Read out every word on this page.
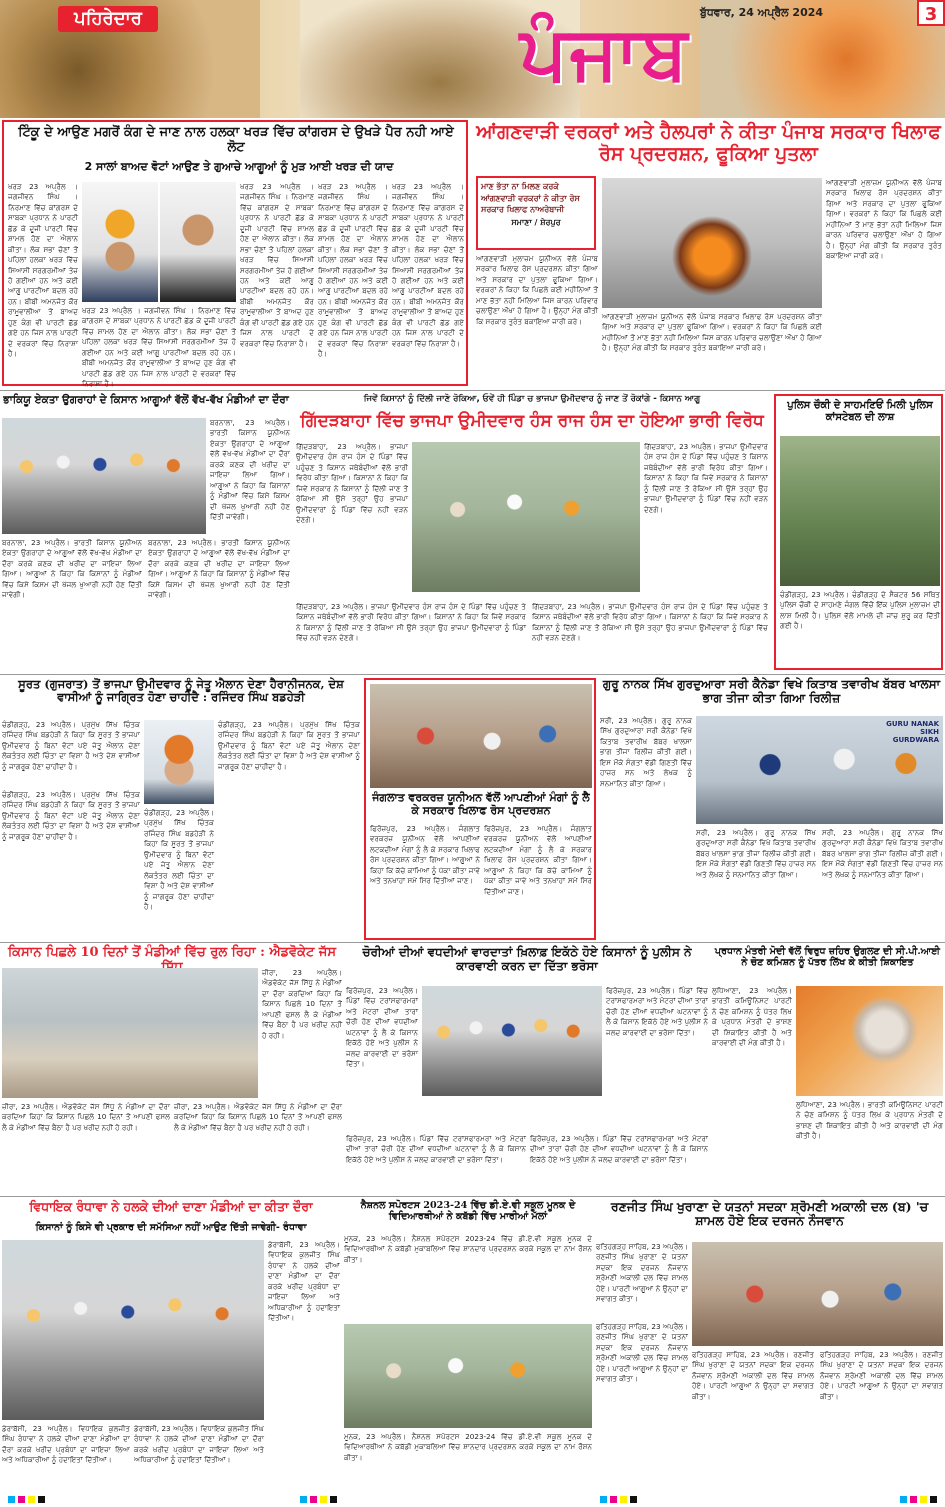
ਪਹਿਰੇਦਾਰ	ਪੰਜਾਬ ਬੁੱਧਵਾਰ, 24 ਅਪ੍ਰੈਲ 2024	3
ਟਿੰਕੂ ਦੇ ਆਉਣ ਮਗਰੋਂ ਕੰਗ ਦੇ ਜਾਣ ਨਾਲ ਹਲਕਾ ਖਰੜ ਵਿੱਚ ਕਾਂਗਰਸ ਦੇ ਉਖੜੇ ਪੈਰ ਨਹੀ ਆਏ ਲੋਟ
2 ਸਾਲਾਂ ਬਾਅਦ ਵੋਟਾਂ ਆਉਣ ਤੇ ਗੁਆਚੇ ਆਗੂਆਂ ਨੂੰ ਮੁੜ ਆਈ ਖਰੜ ਦੀ ਯਾਦ
ਖਰੜ 23 ਅਪ੍ਰੈਲ । ਜਗਜੀਵਨ ਸਿੰਘ । ਨਿਰਮਾਣ ਵਿੱਚ ਕਾਂਗਰਸ ਦੇ ਸਾਬਕਾ ਪ੍ਰਧਾਨ ਨੇ ਪਾਰਟੀ ਛੱਡ ਕੇ ਦੂਜੀ ਪਾਰਟੀ ਵਿੱਚ ਸ਼ਾਮਲ ਹੋਣ ਦਾ ਐਲਾਨ ਕੀਤਾ। ਲੋਕ ਸਭਾ ਚੋਣਾਂ ਤੋਂ ਪਹਿਲਾਂ ਹਲਕਾ ਖਰੜ ਵਿੱਚ ਸਿਆਸੀ ਸਰਗਰਮੀਆਂ ਤੇਜ਼ ਹੋ ਗਈਆਂ ਹਨ ਅਤੇ ਕਈ ਆਗੂ ਪਾਰਟੀਆਂ ਬਦਲ ਰਹੇ ਹਨ। ਬੀਬੀ ਅਮਨਜੋਤ ਕੌਰ ਰਾਮੂਵਾਲੀਆ ਤੋਂ ਬਾਅਦ ਹੁਣ ਕੰਗ ਵੀ ਪਾਰਟੀ ਛੱਡ ਗਏ ਹਨ ਜਿਸ ਨਾਲ ਪਾਰਟੀ ਦੇ ਵਰਕਰਾਂ ਵਿੱਚ ਨਿਰਾਸ਼ਾ ਹੈ।
ਖਰੜ 23 ਅਪ੍ਰੈਲ । ਜਗਜੀਵਨ ਸਿੰਘ । ਨਿਰਮਾਣ ਵਿੱਚ ਕਾਂਗਰਸ ਦੇ ਸਾਬਕਾ ਪ੍ਰਧਾਨ ਨੇ ਪਾਰਟੀ ਛੱਡ ਕੇ ਦੂਜੀ ਪਾਰਟੀ ਵਿੱਚ ਸ਼ਾਮਲ ਹੋਣ ਦਾ ਐਲਾਨ ਕੀਤਾ। ਲੋਕ ਸਭਾ ਚੋਣਾਂ ਤੋਂ ਪਹਿਲਾਂ ਹਲਕਾ ਖਰੜ ਵਿੱਚ ਸਿਆਸੀ ਸਰਗਰਮੀਆਂ ਤੇਜ਼ ਹੋ ਗਈਆਂ ਹਨ ਅਤੇ ਕਈ ਆਗੂ ਪਾਰਟੀਆਂ ਬਦਲ ਰਹੇ ਹਨ। ਬੀਬੀ ਅਮਨਜੋਤ ਕੌਰ ਰਾਮੂਵਾਲੀਆ ਤੋਂ ਬਾਅਦ ਹੁਣ ਕੰਗ ਵੀ ਪਾਰਟੀ ਛੱਡ ਗਏ ਹਨ ਜਿਸ ਨਾਲ ਪਾਰਟੀ ਦੇ ਵਰਕਰਾਂ ਵਿੱਚ ਨਿਰਾਸ਼ਾ ਹੈ।
ਖਰੜ 23 ਅਪ੍ਰੈਲ । ਜਗਜੀਵਨ ਸਿੰਘ । ਨਿਰਮਾਣ ਵਿੱਚ ਕਾਂਗਰਸ ਦੇ ਸਾਬਕਾ ਪ੍ਰਧਾਨ ਨੇ ਪਾਰਟੀ ਛੱਡ ਕੇ ਦੂਜੀ ਪਾਰਟੀ ਵਿੱਚ ਸ਼ਾਮਲ ਹੋਣ ਦਾ ਐਲਾਨ ਕੀਤਾ। ਲੋਕ ਸਭਾ ਚੋਣਾਂ ਤੋਂ ਪਹਿਲਾਂ ਹਲਕਾ ਖਰੜ ਵਿੱਚ ਸਿਆਸੀ ਸਰਗਰਮੀਆਂ ਤੇਜ਼ ਹੋ ਗਈਆਂ ਹਨ ਅਤੇ ਕਈ ਆਗੂ ਪਾਰਟੀਆਂ ਬਦਲ ਰਹੇ ਹਨ। ਬੀਬੀ ਅਮਨਜੋਤ ਕੌਰ ਰਾਮੂਵਾਲੀਆ ਤੋਂ ਬਾਅਦ ਹੁਣ ਕੰਗ ਵੀ ਪਾਰਟੀ ਛੱਡ ਗਏ ਹਨ ਜਿਸ ਨਾਲ ਪਾਰਟੀ ਦੇ ਵਰਕਰਾਂ ਵਿੱਚ ਨਿਰਾਸ਼ਾ ਹੈ।
ਖਰੜ 23 ਅਪ੍ਰੈਲ । ਜਗਜੀਵਨ ਸਿੰਘ । ਨਿਰਮਾਣ ਵਿੱਚ ਕਾਂਗਰਸ ਦੇ ਸਾਬਕਾ ਪ੍ਰਧਾਨ ਨੇ ਪਾਰਟੀ ਛੱਡ ਕੇ ਦੂਜੀ ਪਾਰਟੀ ਵਿੱਚ ਸ਼ਾਮਲ ਹੋਣ ਦਾ ਐਲਾਨ ਕੀਤਾ। ਲੋਕ ਸਭਾ ਚੋਣਾਂ ਤੋਂ ਪਹਿਲਾਂ ਹਲਕਾ ਖਰੜ ਵਿੱਚ ਸਿਆਸੀ ਸਰਗਰਮੀਆਂ ਤੇਜ਼ ਹੋ ਗਈਆਂ ਹਨ ਅਤੇ ਕਈ ਆਗੂ ਪਾਰਟੀਆਂ ਬਦਲ ਰਹੇ ਹਨ। ਬੀਬੀ ਅਮਨਜੋਤ ਕੌਰ ਰਾਮੂਵਾਲੀਆ ਤੋਂ ਬਾਅਦ ਹੁਣ ਕੰਗ ਵੀ ਪਾਰਟੀ ਛੱਡ ਗਏ ਹਨ ਜਿਸ ਨਾਲ ਪਾਰਟੀ ਦੇ ਵਰਕਰਾਂ ਵਿੱਚ ਨਿਰਾਸ਼ਾ ਹੈ।
ਖਰੜ 23 ਅਪ੍ਰੈਲ । ਜਗਜੀਵਨ ਸਿੰਘ । ਨਿਰਮਾਣ ਵਿੱਚ ਕਾਂਗਰਸ ਦੇ ਸਾਬਕਾ ਪ੍ਰਧਾਨ ਨੇ ਪਾਰਟੀ ਛੱਡ ਕੇ ਦੂਜੀ ਪਾਰਟੀ ਵਿੱਚ ਸ਼ਾਮਲ ਹੋਣ ਦਾ ਐਲਾਨ ਕੀਤਾ। ਲੋਕ ਸਭਾ ਚੋਣਾਂ ਤੋਂ ਪਹਿਲਾਂ ਹਲਕਾ ਖਰੜ ਵਿੱਚ ਸਿਆਸੀ ਸਰਗਰਮੀਆਂ ਤੇਜ਼ ਹੋ ਗਈਆਂ ਹਨ ਅਤੇ ਕਈ ਆਗੂ ਪਾਰਟੀਆਂ ਬਦਲ ਰਹੇ ਹਨ। ਬੀਬੀ ਅਮਨਜੋਤ ਕੌਰ ਰਾਮੂਵਾਲੀਆ ਤੋਂ ਬਾਅਦ ਹੁਣ ਕੰਗ ਵੀ ਪਾਰਟੀ ਛੱਡ ਗਏ ਹਨ ਜਿਸ ਨਾਲ ਪਾਰਟੀ ਦੇ ਵਰਕਰਾਂ ਵਿੱਚ ਨਿਰਾਸ਼ਾ ਹੈ।
ਆਂਗਣਵਾੜੀ ਵਰਕਰਾਂ ਅਤੇ ਹੈਲਪਰਾਂ ਨੇ ਕੀਤਾ ਪੰਜਾਬ ਸਰਕਾਰ ਖਿਲਾਫ ਰੋਸ ਪ੍ਰਦਰਸ਼ਨ, ਫੂਕਿਆ ਪੁਤਲਾ
ਮਾਣ ਭੱਤਾ ਨਾ ਮਿਲਣ ਕਰਕੇ
ਆਂਗਣਵਾੜੀ ਵਰਕਰਾਂ ਨੇ ਕੀਤਾ ਰੋਸ
ਸਰਕਾਰ ਖਿਲਾਫ ਨਾਅਰੇਬਾਜੀ
ਸਮਾਣਾ / ਸ਼ੇਰਪੁਰ
ਆਂਗਣਵਾੜੀ ਮੁਲਾਜ਼ਮ ਯੂਨੀਅਨ ਵੱਲੋਂ ਪੰਜਾਬ ਸਰਕਾਰ ਖਿਲਾਫ ਰੋਸ ਪ੍ਰਦਰਸ਼ਨ ਕੀਤਾ ਗਿਆ ਅਤੇ ਸਰਕਾਰ ਦਾ ਪੁਤਲਾ ਫੂਕਿਆ ਗਿਆ। ਵਰਕਰਾਂ ਨੇ ਕਿਹਾ ਕਿ ਪਿਛਲੇ ਕਈ ਮਹੀਨਿਆਂ ਤੋਂ ਮਾਣ ਭੱਤਾ ਨਹੀਂ ਮਿਲਿਆ ਜਿਸ ਕਾਰਨ ਪਰਿਵਾਰ ਚਲਾਉਣਾ ਔਖਾ ਹੋ ਗਿਆ ਹੈ। ਉਨ੍ਹਾਂ ਮੰਗ ਕੀਤੀ ਕਿ ਸਰਕਾਰ ਤੁਰੰਤ ਬਕਾਇਆ ਜਾਰੀ ਕਰੇ।
ਆਂਗਣਵਾੜੀ ਮੁਲਾਜ਼ਮ ਯੂਨੀਅਨ ਵੱਲੋਂ ਪੰਜਾਬ ਸਰਕਾਰ ਖਿਲਾਫ ਰੋਸ ਪ੍ਰਦਰਸ਼ਨ ਕੀਤਾ ਗਿਆ ਅਤੇ ਸਰਕਾਰ ਦਾ ਪੁਤਲਾ ਫੂਕਿਆ ਗਿਆ। ਵਰਕਰਾਂ ਨੇ ਕਿਹਾ ਕਿ ਪਿਛਲੇ ਕਈ ਮਹੀਨਿਆਂ ਤੋਂ ਮਾਣ ਭੱਤਾ ਨਹੀਂ ਮਿਲਿਆ ਜਿਸ ਕਾਰਨ ਪਰਿਵਾਰ ਚਲਾਉਣਾ ਔਖਾ ਹੋ ਗਿਆ ਹੈ। ਉਨ੍ਹਾਂ ਮੰਗ ਕੀਤੀ ਕਿ ਸਰਕਾਰ ਤੁਰੰਤ ਬਕਾਇਆ ਜਾਰੀ ਕਰੇ।
ਆਂਗਣਵਾੜੀ ਮੁਲਾਜ਼ਮ ਯੂਨੀਅਨ ਵੱਲੋਂ ਪੰਜਾਬ ਸਰਕਾਰ ਖਿਲਾਫ ਰੋਸ ਪ੍ਰਦਰਸ਼ਨ ਕੀਤਾ ਗਿਆ ਅਤੇ ਸਰਕਾਰ ਦਾ ਪੁਤਲਾ ਫੂਕਿਆ ਗਿਆ। ਵਰਕਰਾਂ ਨੇ ਕਿਹਾ ਕਿ ਪਿਛਲੇ ਕਈ ਮਹੀਨਿਆਂ ਤੋਂ ਮਾਣ ਭੱਤਾ ਨਹੀਂ ਮਿਲਿਆ ਜਿਸ ਕਾਰਨ ਪਰਿਵਾਰ ਚਲਾਉਣਾ ਔਖਾ ਹੋ ਗਿਆ ਹੈ। ਉਨ੍ਹਾਂ ਮੰਗ ਕੀਤੀ ਕਿ ਸਰਕਾਰ ਤੁਰੰਤ ਬਕਾਇਆ ਜਾਰੀ ਕਰੇ।
ਭਾਕਿਯੂ ਏਕਤਾ ਉਗਰਾਹਾਂ ਦੇ ਕਿਸਾਨ ਆਗੂਆਂ ਵੱਲੋਂ ਵੱਖ-ਵੱਖ ਮੰਡੀਆਂ ਦਾ ਦੌਰਾ
ਬਰਨਾਲਾ, 23 ਅਪ੍ਰੈਲ। ਭਾਰਤੀ ਕਿਸਾਨ ਯੂਨੀਅਨ ਏਕਤਾ ਉਗਰਾਹਾਂ ਦੇ ਆਗੂਆਂ ਵੱਲੋਂ ਵੱਖ-ਵੱਖ ਮੰਡੀਆਂ ਦਾ ਦੌਰਾ ਕਰਕੇ ਕਣਕ ਦੀ ਖਰੀਦ ਦਾ ਜਾਇਜ਼ਾ ਲਿਆ ਗਿਆ। ਆਗੂਆਂ ਨੇ ਕਿਹਾ ਕਿ ਕਿਸਾਨਾਂ ਨੂੰ ਮੰਡੀਆਂ ਵਿੱਚ ਕਿਸੇ ਕਿਸਮ ਦੀ ਖੱਜਲ ਖੁਆਰੀ ਨਹੀਂ ਹੋਣ ਦਿੱਤੀ ਜਾਵੇਗੀ।
ਬਰਨਾਲਾ, 23 ਅਪ੍ਰੈਲ। ਭਾਰਤੀ ਕਿਸਾਨ ਯੂਨੀਅਨ ਏਕਤਾ ਉਗਰਾਹਾਂ ਦੇ ਆਗੂਆਂ ਵੱਲੋਂ ਵੱਖ-ਵੱਖ ਮੰਡੀਆਂ ਦਾ ਦੌਰਾ ਕਰਕੇ ਕਣਕ ਦੀ ਖਰੀਦ ਦਾ ਜਾਇਜ਼ਾ ਲਿਆ ਗਿਆ। ਆਗੂਆਂ ਨੇ ਕਿਹਾ ਕਿ ਕਿਸਾਨਾਂ ਨੂੰ ਮੰਡੀਆਂ ਵਿੱਚ ਕਿਸੇ ਕਿਸਮ ਦੀ ਖੱਜਲ ਖੁਆਰੀ ਨਹੀਂ ਹੋਣ ਦਿੱਤੀ ਜਾਵੇਗੀ।
ਬਰਨਾਲਾ, 23 ਅਪ੍ਰੈਲ। ਭਾਰਤੀ ਕਿਸਾਨ ਯੂਨੀਅਨ ਏਕਤਾ ਉਗਰਾਹਾਂ ਦੇ ਆਗੂਆਂ ਵੱਲੋਂ ਵੱਖ-ਵੱਖ ਮੰਡੀਆਂ ਦਾ ਦੌਰਾ ਕਰਕੇ ਕਣਕ ਦੀ ਖਰੀਦ ਦਾ ਜਾਇਜ਼ਾ ਲਿਆ ਗਿਆ। ਆਗੂਆਂ ਨੇ ਕਿਹਾ ਕਿ ਕਿਸਾਨਾਂ ਨੂੰ ਮੰਡੀਆਂ ਵਿੱਚ ਕਿਸੇ ਕਿਸਮ ਦੀ ਖੱਜਲ ਖੁਆਰੀ ਨਹੀਂ ਹੋਣ ਦਿੱਤੀ ਜਾਵੇਗੀ।
ਜਿਵੇਂ ਕਿਸਾਨਾਂ ਨੂੰ ਦਿੱਲੀ ਜਾਣੋ ਰੋਕਿਆ, ਓਵੇਂ ਹੀ ਪਿੰਡਾ ਚ ਭਾਜਪਾ ਉਮੀਦਵਾਰ ਨੂੰ ਜਾਣ ਤੋਂ ਰੋਕਾਂਗੇ - ਕਿਸਾਨ ਆਗੂ
ਗਿੱਦੜਬਾਹਾ ਵਿੱਚ ਭਾਜਪਾ ਉਮੀਦਵਾਰ ਹੰਸ ਰਾਜ ਹੰਸ ਦਾ ਹੋਇਆ ਭਾਰੀ ਵਿਰੋਧ
ਗਿੱਦੜਬਾਹਾ, 23 ਅਪ੍ਰੈਲ। ਭਾਜਪਾ ਉਮੀਦਵਾਰ ਹੰਸ ਰਾਜ ਹੰਸ ਦੇ ਪਿੰਡਾਂ ਵਿੱਚ ਪਹੁੰਚਣ ਤੇ ਕਿਸਾਨ ਜਥੇਬੰਦੀਆਂ ਵੱਲੋਂ ਭਾਰੀ ਵਿਰੋਧ ਕੀਤਾ ਗਿਆ। ਕਿਸਾਨਾਂ ਨੇ ਕਿਹਾ ਕਿ ਜਿਵੇਂ ਸਰਕਾਰ ਨੇ ਕਿਸਾਨਾਂ ਨੂੰ ਦਿੱਲੀ ਜਾਣ ਤੋਂ ਰੋਕਿਆ ਸੀ ਉਸੇ ਤਰ੍ਹਾਂ ਉਹ ਭਾਜਪਾ ਉਮੀਦਵਾਰਾਂ ਨੂੰ ਪਿੰਡਾਂ ਵਿੱਚ ਨਹੀਂ ਵੜਨ ਦੇਣਗੇ।
ਗਿੱਦੜਬਾਹਾ, 23 ਅਪ੍ਰੈਲ। ਭਾਜਪਾ ਉਮੀਦਵਾਰ ਹੰਸ ਰਾਜ ਹੰਸ ਦੇ ਪਿੰਡਾਂ ਵਿੱਚ ਪਹੁੰਚਣ ਤੇ ਕਿਸਾਨ ਜਥੇਬੰਦੀਆਂ ਵੱਲੋਂ ਭਾਰੀ ਵਿਰੋਧ ਕੀਤਾ ਗਿਆ। ਕਿਸਾਨਾਂ ਨੇ ਕਿਹਾ ਕਿ ਜਿਵੇਂ ਸਰਕਾਰ ਨੇ ਕਿਸਾਨਾਂ ਨੂੰ ਦਿੱਲੀ ਜਾਣ ਤੋਂ ਰੋਕਿਆ ਸੀ ਉਸੇ ਤਰ੍ਹਾਂ ਉਹ ਭਾਜਪਾ ਉਮੀਦਵਾਰਾਂ ਨੂੰ ਪਿੰਡਾਂ ਵਿੱਚ ਨਹੀਂ ਵੜਨ ਦੇਣਗੇ।
ਗਿੱਦੜਬਾਹਾ, 23 ਅਪ੍ਰੈਲ। ਭਾਜਪਾ ਉਮੀਦਵਾਰ ਹੰਸ ਰਾਜ ਹੰਸ ਦੇ ਪਿੰਡਾਂ ਵਿੱਚ ਪਹੁੰਚਣ ਤੇ ਕਿਸਾਨ ਜਥੇਬੰਦੀਆਂ ਵੱਲੋਂ ਭਾਰੀ ਵਿਰੋਧ ਕੀਤਾ ਗਿਆ। ਕਿਸਾਨਾਂ ਨੇ ਕਿਹਾ ਕਿ ਜਿਵੇਂ ਸਰਕਾਰ ਨੇ ਕਿਸਾਨਾਂ ਨੂੰ ਦਿੱਲੀ ਜਾਣ ਤੋਂ ਰੋਕਿਆ ਸੀ ਉਸੇ ਤਰ੍ਹਾਂ ਉਹ ਭਾਜਪਾ ਉਮੀਦਵਾਰਾਂ ਨੂੰ ਪਿੰਡਾਂ ਵਿੱਚ ਨਹੀਂ ਵੜਨ ਦੇਣਗੇ।
ਗਿੱਦੜਬਾਹਾ, 23 ਅਪ੍ਰੈਲ। ਭਾਜਪਾ ਉਮੀਦਵਾਰ ਹੰਸ ਰਾਜ ਹੰਸ ਦੇ ਪਿੰਡਾਂ ਵਿੱਚ ਪਹੁੰਚਣ ਤੇ ਕਿਸਾਨ ਜਥੇਬੰਦੀਆਂ ਵੱਲੋਂ ਭਾਰੀ ਵਿਰੋਧ ਕੀਤਾ ਗਿਆ। ਕਿਸਾਨਾਂ ਨੇ ਕਿਹਾ ਕਿ ਜਿਵੇਂ ਸਰਕਾਰ ਨੇ ਕਿਸਾਨਾਂ ਨੂੰ ਦਿੱਲੀ ਜਾਣ ਤੋਂ ਰੋਕਿਆ ਸੀ ਉਸੇ ਤਰ੍ਹਾਂ ਉਹ ਭਾਜਪਾ ਉਮੀਦਵਾਰਾਂ ਨੂੰ ਪਿੰਡਾਂ ਵਿੱਚ ਨਹੀਂ ਵੜਨ ਦੇਣਗੇ।
ਪੁਲਿਸ ਚੌਕੀ ਦੇ ਸਾਹਮਣਿਓਂ ਮਿਲੀ ਪੁਲਿਸ ਕਾਂਸਟੇਬਲ ਦੀ ਲਾਸ਼
ਚੰਡੀਗੜ੍ਹ, 23 ਅਪ੍ਰੈਲ। ਚੰਡੀਗੜ੍ਹ ਦੇ ਸੈਕਟਰ 56 ਸਥਿਤ ਪੁਲਿਸ ਚੌਕੀ ਦੇ ਸਾਹਮਣੇ ਜੰਗਲ ਵਿੱਚੋਂ ਇੱਕ ਪੁਲਿਸ ਮੁਲਾਜ਼ਮ ਦੀ ਲਾਸ਼ ਮਿਲੀ ਹੈ। ਪੁਲਿਸ ਵੱਲੋਂ ਮਾਮਲੇ ਦੀ ਜਾਂਚ ਸ਼ੁਰੂ ਕਰ ਦਿੱਤੀ ਗਈ ਹੈ।
ਸੂਰਤ (ਗੁਜਰਾਤ) ਤੋਂ ਭਾਜਪਾ ਉਮੀਦਵਾਰ ਨੂੰ ਜੇਤੂ ਐਲਾਨ ਦੇਣਾ ਹੈਰਾਨੀਜਨਕ, ਦੇਸ਼ ਵਾਸੀਆਂ ਨੂੰ ਜਾਗ੍ਰਿਤ ਹੋਣਾ ਚਾਹੀਦੈ : ਰਜਿੰਦਰ ਸਿੰਘ ਬਡਹੇੜੀ
ਚੰਡੀਗੜ੍ਹ, 23 ਅਪ੍ਰੈਲ। ਪ੍ਰਮੁੱਖ ਸਿੱਖ ਚਿੰਤਕ ਰਜਿੰਦਰ ਸਿੰਘ ਬਡਹੇੜੀ ਨੇ ਕਿਹਾ ਕਿ ਸੂਰਤ ਤੋਂ ਭਾਜਪਾ ਉਮੀਦਵਾਰ ਨੂੰ ਬਿਨਾਂ ਵੋਟਾਂ ਪਏ ਜੇਤੂ ਐਲਾਨ ਦੇਣਾ ਲੋਕਤੰਤਰ ਲਈ ਚਿੰਤਾ ਦਾ ਵਿਸ਼ਾ ਹੈ ਅਤੇ ਦੇਸ਼ ਵਾਸੀਆਂ ਨੂੰ ਜਾਗਰੂਕ ਹੋਣਾ ਚਾਹੀਦਾ ਹੈ।
ਚੰਡੀਗੜ੍ਹ, 23 ਅਪ੍ਰੈਲ। ਪ੍ਰਮੁੱਖ ਸਿੱਖ ਚਿੰਤਕ ਰਜਿੰਦਰ ਸਿੰਘ ਬਡਹੇੜੀ ਨੇ ਕਿਹਾ ਕਿ ਸੂਰਤ ਤੋਂ ਭਾਜਪਾ ਉਮੀਦਵਾਰ ਨੂੰ ਬਿਨਾਂ ਵੋਟਾਂ ਪਏ ਜੇਤੂ ਐਲਾਨ ਦੇਣਾ ਲੋਕਤੰਤਰ ਲਈ ਚਿੰਤਾ ਦਾ ਵਿਸ਼ਾ ਹੈ ਅਤੇ ਦੇਸ਼ ਵਾਸੀਆਂ ਨੂੰ ਜਾਗਰੂਕ ਹੋਣਾ ਚਾਹੀਦਾ ਹੈ।
ਚੰਡੀਗੜ੍ਹ, 23 ਅਪ੍ਰੈਲ। ਪ੍ਰਮੁੱਖ ਸਿੱਖ ਚਿੰਤਕ ਰਜਿੰਦਰ ਸਿੰਘ ਬਡਹੇੜੀ ਨੇ ਕਿਹਾ ਕਿ ਸੂਰਤ ਤੋਂ ਭਾਜਪਾ ਉਮੀਦਵਾਰ ਨੂੰ ਬਿਨਾਂ ਵੋਟਾਂ ਪਏ ਜੇਤੂ ਐਲਾਨ ਦੇਣਾ ਲੋਕਤੰਤਰ ਲਈ ਚਿੰਤਾ ਦਾ ਵਿਸ਼ਾ ਹੈ ਅਤੇ ਦੇਸ਼ ਵਾਸੀਆਂ ਨੂੰ ਜਾਗਰੂਕ ਹੋਣਾ ਚਾਹੀਦਾ ਹੈ।
ਚੰਡੀਗੜ੍ਹ, 23 ਅਪ੍ਰੈਲ। ਪ੍ਰਮੁੱਖ ਸਿੱਖ ਚਿੰਤਕ ਰਜਿੰਦਰ ਸਿੰਘ ਬਡਹੇੜੀ ਨੇ ਕਿਹਾ ਕਿ ਸੂਰਤ ਤੋਂ ਭਾਜਪਾ ਉਮੀਦਵਾਰ ਨੂੰ ਬਿਨਾਂ ਵੋਟਾਂ ਪਏ ਜੇਤੂ ਐਲਾਨ ਦੇਣਾ ਲੋਕਤੰਤਰ ਲਈ ਚਿੰਤਾ ਦਾ ਵਿਸ਼ਾ ਹੈ ਅਤੇ ਦੇਸ਼ ਵਾਸੀਆਂ ਨੂੰ ਜਾਗਰੂਕ ਹੋਣਾ ਚਾਹੀਦਾ ਹੈ।
ਜੰਗਲਾਤ ਵਰਕਰਜ਼ ਯੂਨੀਅਨ ਵੱਲੋਂ ਆਪਣੀਆਂ ਮੰਗਾਂ ਨੂੰ ਲੈ ਕੇ ਸਰਕਾਰ ਖਿਲਾਫ ਰੋਸ ਪ੍ਰਦਰਸ਼ਨ
ਫਿਰੋਜ਼ਪੁਰ, 23 ਅਪ੍ਰੈਲ। ਜੰਗਲਾਤ ਵਰਕਰਜ਼ ਯੂਨੀਅਨ ਵੱਲੋਂ ਆਪਣੀਆਂ ਲਟਕਦੀਆਂ ਮੰਗਾਂ ਨੂੰ ਲੈ ਕੇ ਸਰਕਾਰ ਖਿਲਾਫ ਰੋਸ ਪ੍ਰਦਰਸ਼ਨ ਕੀਤਾ ਗਿਆ। ਆਗੂਆਂ ਨੇ ਕਿਹਾ ਕਿ ਕੱਚੇ ਕਾਮਿਆਂ ਨੂੰ ਪੱਕਾ ਕੀਤਾ ਜਾਵੇ ਅਤੇ ਤਨਖਾਹਾਂ ਸਮੇਂ ਸਿਰ ਦਿੱਤੀਆਂ ਜਾਣ।
ਫਿਰੋਜ਼ਪੁਰ, 23 ਅਪ੍ਰੈਲ। ਜੰਗਲਾਤ ਵਰਕਰਜ਼ ਯੂਨੀਅਨ ਵੱਲੋਂ ਆਪਣੀਆਂ ਲਟਕਦੀਆਂ ਮੰਗਾਂ ਨੂੰ ਲੈ ਕੇ ਸਰਕਾਰ ਖਿਲਾਫ ਰੋਸ ਪ੍ਰਦਰਸ਼ਨ ਕੀਤਾ ਗਿਆ। ਆਗੂਆਂ ਨੇ ਕਿਹਾ ਕਿ ਕੱਚੇ ਕਾਮਿਆਂ ਨੂੰ ਪੱਕਾ ਕੀਤਾ ਜਾਵੇ ਅਤੇ ਤਨਖਾਹਾਂ ਸਮੇਂ ਸਿਰ ਦਿੱਤੀਆਂ ਜਾਣ।
ਗੁਰੂ ਨਾਨਕ ਸਿੱਖ ਗੁਰਦੁਆਰਾ ਸਰੀ ਕੈਨੇਡਾ ਵਿਖੇ ਕਿਤਾਬ ਤਵਾਰੀਖ ਬੱਬਰ ਖਾਲਸਾ ਭਾਗ ਤੀਜਾ ਕੀਤਾ ਗਿਆ ਰਿਲੀਜ਼
ਸਰੀ, 23 ਅਪ੍ਰੈਲ। ਗੁਰੂ ਨਾਨਕ ਸਿੱਖ ਗੁਰਦੁਆਰਾ ਸਰੀ ਕੈਨੇਡਾ ਵਿਖੇ ਕਿਤਾਬ ਤਵਾਰੀਖ ਬੱਬਰ ਖਾਲਸਾ ਭਾਗ ਤੀਜਾ ਰਿਲੀਜ਼ ਕੀਤੀ ਗਈ। ਇਸ ਮੌਕੇ ਸੰਗਤਾਂ ਵੱਡੀ ਗਿਣਤੀ ਵਿੱਚ ਹਾਜ਼ਰ ਸਨ ਅਤੇ ਲੇਖਕ ਨੂੰ ਸਨਮਾਨਿਤ ਕੀਤਾ ਗਿਆ।
GURU NANAK SIKH GURDWARA
ਸਰੀ, 23 ਅਪ੍ਰੈਲ। ਗੁਰੂ ਨਾਨਕ ਸਿੱਖ ਗੁਰਦੁਆਰਾ ਸਰੀ ਕੈਨੇਡਾ ਵਿਖੇ ਕਿਤਾਬ ਤਵਾਰੀਖ ਬੱਬਰ ਖਾਲਸਾ ਭਾਗ ਤੀਜਾ ਰਿਲੀਜ਼ ਕੀਤੀ ਗਈ। ਇਸ ਮੌਕੇ ਸੰਗਤਾਂ ਵੱਡੀ ਗਿਣਤੀ ਵਿੱਚ ਹਾਜ਼ਰ ਸਨ ਅਤੇ ਲੇਖਕ ਨੂੰ ਸਨਮਾਨਿਤ ਕੀਤਾ ਗਿਆ।
ਸਰੀ, 23 ਅਪ੍ਰੈਲ। ਗੁਰੂ ਨਾਨਕ ਸਿੱਖ ਗੁਰਦੁਆਰਾ ਸਰੀ ਕੈਨੇਡਾ ਵਿਖੇ ਕਿਤਾਬ ਤਵਾਰੀਖ ਬੱਬਰ ਖਾਲਸਾ ਭਾਗ ਤੀਜਾ ਰਿਲੀਜ਼ ਕੀਤੀ ਗਈ। ਇਸ ਮੌਕੇ ਸੰਗਤਾਂ ਵੱਡੀ ਗਿਣਤੀ ਵਿੱਚ ਹਾਜ਼ਰ ਸਨ ਅਤੇ ਲੇਖਕ ਨੂੰ ਸਨਮਾਨਿਤ ਕੀਤਾ ਗਿਆ।
ਕਿਸਾਨ ਪਿਛਲੇ 10 ਦਿਨਾਂ ਤੋਂ ਮੰਡੀਆਂ ਵਿੱਚ ਰੁਲ ਰਿਹਾ : ਐਡਵੋਕੇਟ ਜੱਸ
ਜ਼ੀਰਾ, 23 ਅਪ੍ਰੈਲ। ਐਡਵੋਕੇਟ ਜੱਸ ਸਿੱਧੂ ਨੇ ਮੰਡੀਆਂ ਦਾ ਦੌਰਾ ਕਰਦਿਆਂ ਕਿਹਾ ਕਿ ਕਿਸਾਨ ਪਿਛਲੇ 10 ਦਿਨਾਂ ਤੋਂ ਆਪਣੀ ਫਸਲ ਲੈ ਕੇ ਮੰਡੀਆਂ ਵਿੱਚ ਬੈਠਾ ਹੈ ਪਰ ਖਰੀਦ ਨਹੀਂ ਹੋ ਰਹੀ।
ਜ਼ੀਰਾ, 23 ਅਪ੍ਰੈਲ। ਐਡਵੋਕੇਟ ਜੱਸ ਸਿੱਧੂ ਨੇ ਮੰਡੀਆਂ ਦਾ ਦੌਰਾ ਕਰਦਿਆਂ ਕਿਹਾ ਕਿ ਕਿਸਾਨ ਪਿਛਲੇ 10 ਦਿਨਾਂ ਤੋਂ ਆਪਣੀ ਫਸਲ ਲੈ ਕੇ ਮੰਡੀਆਂ ਵਿੱਚ ਬੈਠਾ ਹੈ ਪਰ ਖਰੀਦ ਨਹੀਂ ਹੋ ਰਹੀ।
ਜ਼ੀਰਾ, 23 ਅਪ੍ਰੈਲ। ਐਡਵੋਕੇਟ ਜੱਸ ਸਿੱਧੂ ਨੇ ਮੰਡੀਆਂ ਦਾ ਦੌਰਾ ਕਰਦਿਆਂ ਕਿਹਾ ਕਿ ਕਿਸਾਨ ਪਿਛਲੇ 10 ਦਿਨਾਂ ਤੋਂ ਆਪਣੀ ਫਸਲ ਲੈ ਕੇ ਮੰਡੀਆਂ ਵਿੱਚ ਬੈਠਾ ਹੈ ਪਰ ਖਰੀਦ ਨਹੀਂ ਹੋ ਰਹੀ।
ਚੋਰੀਆਂ ਦੀਆਂ ਵਧਦੀਆਂ ਵਾਰਦਾਤਾਂ ਖ਼ਿਲਾਫ਼ ਇਕੱਠੇ ਹੋਏ ਕਿਸਾਨਾਂ ਨੂੰ ਪੁਲੀਸ ਨੇ ਕਾਰਵਾਈ ਕਰਨ ਦਾ ਦਿੱਤਾ ਭਰੋਸਾ
ਫਿਰੋਜ਼ਪੁਰ, 23 ਅਪ੍ਰੈਲ। ਪਿੰਡਾਂ ਵਿੱਚ ਟਰਾਂਸਫਾਰਮਰਾਂ ਅਤੇ ਮੋਟਰਾਂ ਦੀਆਂ ਤਾਰਾਂ ਚੋਰੀ ਹੋਣ ਦੀਆਂ ਵਧਦੀਆਂ ਘਟਨਾਵਾਂ ਨੂੰ ਲੈ ਕੇ ਕਿਸਾਨ ਇਕੱਠੇ ਹੋਏ ਅਤੇ ਪੁਲੀਸ ਨੇ ਜਲਦ ਕਾਰਵਾਈ ਦਾ ਭਰੋਸਾ ਦਿੱਤਾ।
ਫਿਰੋਜ਼ਪੁਰ, 23 ਅਪ੍ਰੈਲ। ਪਿੰਡਾਂ ਵਿੱਚ ਟਰਾਂਸਫਾਰਮਰਾਂ ਅਤੇ ਮੋਟਰਾਂ ਦੀਆਂ ਤਾਰਾਂ ਚੋਰੀ ਹੋਣ ਦੀਆਂ ਵਧਦੀਆਂ ਘਟਨਾਵਾਂ ਨੂੰ ਲੈ ਕੇ ਕਿਸਾਨ ਇਕੱਠੇ ਹੋਏ ਅਤੇ ਪੁਲੀਸ ਨੇ ਜਲਦ ਕਾਰਵਾਈ ਦਾ ਭਰੋਸਾ ਦਿੱਤਾ।
ਫਿਰੋਜ਼ਪੁਰ, 23 ਅਪ੍ਰੈਲ। ਪਿੰਡਾਂ ਵਿੱਚ ਟਰਾਂਸਫਾਰਮਰਾਂ ਅਤੇ ਮੋਟਰਾਂ ਦੀਆਂ ਤਾਰਾਂ ਚੋਰੀ ਹੋਣ ਦੀਆਂ ਵਧਦੀਆਂ ਘਟਨਾਵਾਂ ਨੂੰ ਲੈ ਕੇ ਕਿਸਾਨ ਇਕੱਠੇ ਹੋਏ ਅਤੇ ਪੁਲੀਸ ਨੇ ਜਲਦ ਕਾਰਵਾਈ ਦਾ ਭਰੋਸਾ ਦਿੱਤਾ।
ਫਿਰੋਜ਼ਪੁਰ, 23 ਅਪ੍ਰੈਲ। ਪਿੰਡਾਂ ਵਿੱਚ ਟਰਾਂਸਫਾਰਮਰਾਂ ਅਤੇ ਮੋਟਰਾਂ ਦੀਆਂ ਤਾਰਾਂ ਚੋਰੀ ਹੋਣ ਦੀਆਂ ਵਧਦੀਆਂ ਘਟਨਾਵਾਂ ਨੂੰ ਲੈ ਕੇ ਕਿਸਾਨ ਇਕੱਠੇ ਹੋਏ ਅਤੇ ਪੁਲੀਸ ਨੇ ਜਲਦ ਕਾਰਵਾਈ ਦਾ ਭਰੋਸਾ ਦਿੱਤਾ।
ਪ੍ਰਧਾਨ ਮੰਤਰੀ ਮੋਦੀ ਵੱਲੋਂ ਵਿਰੁਧ ਜ਼ਹਿਰ ਉਗਲਣ ਦੀ ਸੀ.ਪੀ.ਆਈ ਨੇ ਚੋਣ ਕਮਿਸ਼ਨ ਨੂੰ ਪੱਤਰ ਲਿੱਖ ਕੇ ਕੀਤੀ ਸ਼ਿਕਾਇਤ
ਲੁਧਿਆਣਾ, 23 ਅਪ੍ਰੈਲ। ਭਾਰਤੀ ਕਮਿਊਨਿਸਟ ਪਾਰਟੀ ਨੇ ਚੋਣ ਕਮਿਸ਼ਨ ਨੂੰ ਪੱਤਰ ਲਿਖ ਕੇ ਪ੍ਰਧਾਨ ਮੰਤਰੀ ਦੇ ਭਾਸ਼ਣ ਦੀ ਸ਼ਿਕਾਇਤ ਕੀਤੀ ਹੈ ਅਤੇ ਕਾਰਵਾਈ ਦੀ ਮੰਗ ਕੀਤੀ ਹੈ।
ਲੁਧਿਆਣਾ, 23 ਅਪ੍ਰੈਲ। ਭਾਰਤੀ ਕਮਿਊਨਿਸਟ ਪਾਰਟੀ ਨੇ ਚੋਣ ਕਮਿਸ਼ਨ ਨੂੰ ਪੱਤਰ ਲਿਖ ਕੇ ਪ੍ਰਧਾਨ ਮੰਤਰੀ ਦੇ ਭਾਸ਼ਣ ਦੀ ਸ਼ਿਕਾਇਤ ਕੀਤੀ ਹੈ ਅਤੇ ਕਾਰਵਾਈ ਦੀ ਮੰਗ ਕੀਤੀ ਹੈ।
ਵਿਧਾਇਕ ਰੰਧਾਵਾ ਨੇ ਹਲਕੇ ਦੀਆਂ ਦਾਣਾ ਮੰਡੀਆਂ ਦਾ ਕੀਤਾ ਦੌਰਾ
ਕਿਸਾਨਾਂ ਨੂੰ ਕਿਸੇ ਵੀ ਪ੍ਰਕਾਰ ਦੀ ਸਮੱਸਿਆ ਨਹੀਂ ਆਉਣ ਦਿੱਤੀ ਜਾਵੇਗੀ- ਰੰਧਾਵਾ
ਡੇਰਾਬੱਸੀ, 23 ਅਪ੍ਰੈਲ। ਵਿਧਾਇਕ ਕੁਲਜੀਤ ਸਿੰਘ ਰੰਧਾਵਾ ਨੇ ਹਲਕੇ ਦੀਆਂ ਦਾਣਾ ਮੰਡੀਆਂ ਦਾ ਦੌਰਾ ਕਰਕੇ ਖਰੀਦ ਪ੍ਰਬੰਧਾਂ ਦਾ ਜਾਇਜ਼ਾ ਲਿਆ ਅਤੇ ਅਧਿਕਾਰੀਆਂ ਨੂੰ ਹਦਾਇਤਾਂ ਦਿੱਤੀਆਂ।
ਡੇਰਾਬੱਸੀ, 23 ਅਪ੍ਰੈਲ। ਵਿਧਾਇਕ ਕੁਲਜੀਤ ਸਿੰਘ ਰੰਧਾਵਾ ਨੇ ਹਲਕੇ ਦੀਆਂ ਦਾਣਾ ਮੰਡੀਆਂ ਦਾ ਦੌਰਾ ਕਰਕੇ ਖਰੀਦ ਪ੍ਰਬੰਧਾਂ ਦਾ ਜਾਇਜ਼ਾ ਲਿਆ ਅਤੇ ਅਧਿਕਾਰੀਆਂ ਨੂੰ ਹਦਾਇਤਾਂ ਦਿੱਤੀਆਂ।
ਡੇਰਾਬੱਸੀ, 23 ਅਪ੍ਰੈਲ। ਵਿਧਾਇਕ ਕੁਲਜੀਤ ਸਿੰਘ ਰੰਧਾਵਾ ਨੇ ਹਲਕੇ ਦੀਆਂ ਦਾਣਾ ਮੰਡੀਆਂ ਦਾ ਦੌਰਾ ਕਰਕੇ ਖਰੀਦ ਪ੍ਰਬੰਧਾਂ ਦਾ ਜਾਇਜ਼ਾ ਲਿਆ ਅਤੇ ਅਧਿਕਾਰੀਆਂ ਨੂੰ ਹਦਾਇਤਾਂ ਦਿੱਤੀਆਂ।
ਨੈਸ਼ਨਲ ਸਪੋਰਟਸ 2023-24 ਵਿੱਚ ਡੀ.ਏ.ਵੀ ਸਕੂਲ ਮੂਨਕ ਦੇ ਵਿਦਿਆਰਥੀਆਂ ਨੇ ਕਬੱਡੀ ਵਿੱਚ ਮਾਰੀਆਂ ਮੱਲਾਂ
ਮੂਨਕ, 23 ਅਪ੍ਰੈਲ। ਨੈਸ਼ਨਲ ਸਪੋਰਟਸ 2023-24 ਵਿੱਚ ਡੀ.ਏ.ਵੀ ਸਕੂਲ ਮੂਨਕ ਦੇ ਵਿਦਿਆਰਥੀਆਂ ਨੇ ਕਬੱਡੀ ਮੁਕਾਬਲਿਆਂ ਵਿੱਚ ਸ਼ਾਨਦਾਰ ਪ੍ਰਦਰਸ਼ਨ ਕਰਕੇ ਸਕੂਲ ਦਾ ਨਾਮ ਰੌਸ਼ਨ ਕੀਤਾ।
ਮੂਨਕ, 23 ਅਪ੍ਰੈਲ। ਨੈਸ਼ਨਲ ਸਪੋਰਟਸ 2023-24 ਵਿੱਚ ਡੀ.ਏ.ਵੀ ਸਕੂਲ ਮੂਨਕ ਦੇ ਵਿਦਿਆਰਥੀਆਂ ਨੇ ਕਬੱਡੀ ਮੁਕਾਬਲਿਆਂ ਵਿੱਚ ਸ਼ਾਨਦਾਰ ਪ੍ਰਦਰਸ਼ਨ ਕਰਕੇ ਸਕੂਲ ਦਾ ਨਾਮ ਰੌਸ਼ਨ ਕੀਤਾ।
ਰਣਜੀਤ ਸਿੰਘ ਖੁਰਾਣਾ ਦੇ ਯਤਨਾਂ ਸਦਕਾ ਸ਼੍ਰੋਮਣੀ ਅਕਾਲੀ ਦਲ (ਬ) 'ਚ ਸ਼ਾਮਲ ਹੋਏ ਇਕ ਦਰਜਨ ਨੌਜਵਾਨ
ਫਤਿਹਗੜ੍ਹ ਸਾਹਿਬ, 23 ਅਪ੍ਰੈਲ। ਰਣਜੀਤ ਸਿੰਘ ਖੁਰਾਣਾ ਦੇ ਯਤਨਾਂ ਸਦਕਾ ਇਕ ਦਰਜਨ ਨੌਜਵਾਨ ਸ਼੍ਰੋਮਣੀ ਅਕਾਲੀ ਦਲ ਵਿੱਚ ਸ਼ਾਮਲ ਹੋਏ। ਪਾਰਟੀ ਆਗੂਆਂ ਨੇ ਉਨ੍ਹਾਂ ਦਾ ਸਵਾਗਤ ਕੀਤਾ।
ਫਤਿਹਗੜ੍ਹ ਸਾਹਿਬ, 23 ਅਪ੍ਰੈਲ। ਰਣਜੀਤ ਸਿੰਘ ਖੁਰਾਣਾ ਦੇ ਯਤਨਾਂ ਸਦਕਾ ਇਕ ਦਰਜਨ ਨੌਜਵਾਨ ਸ਼੍ਰੋਮਣੀ ਅਕਾਲੀ ਦਲ ਵਿੱਚ ਸ਼ਾਮਲ ਹੋਏ। ਪਾਰਟੀ ਆਗੂਆਂ ਨੇ ਉਨ੍ਹਾਂ ਦਾ ਸਵਾਗਤ ਕੀਤਾ।
ਫਤਿਹਗੜ੍ਹ ਸਾਹਿਬ, 23 ਅਪ੍ਰੈਲ। ਰਣਜੀਤ ਸਿੰਘ ਖੁਰਾਣਾ ਦੇ ਯਤਨਾਂ ਸਦਕਾ ਇਕ ਦਰਜਨ ਨੌਜਵਾਨ ਸ਼੍ਰੋਮਣੀ ਅਕਾਲੀ ਦਲ ਵਿੱਚ ਸ਼ਾਮਲ ਹੋਏ। ਪਾਰਟੀ ਆਗੂਆਂ ਨੇ ਉਨ੍ਹਾਂ ਦਾ ਸਵਾਗਤ ਕੀਤਾ।
ਫਤਿਹਗੜ੍ਹ ਸਾਹਿਬ, 23 ਅਪ੍ਰੈਲ। ਰਣਜੀਤ ਸਿੰਘ ਖੁਰਾਣਾ ਦੇ ਯਤਨਾਂ ਸਦਕਾ ਇਕ ਦਰਜਨ ਨੌਜਵਾਨ ਸ਼੍ਰੋਮਣੀ ਅਕਾਲੀ ਦਲ ਵਿੱਚ ਸ਼ਾਮਲ ਹੋਏ। ਪਾਰਟੀ ਆਗੂਆਂ ਨੇ ਉਨ੍ਹਾਂ ਦਾ ਸਵਾਗਤ ਕੀਤਾ।
